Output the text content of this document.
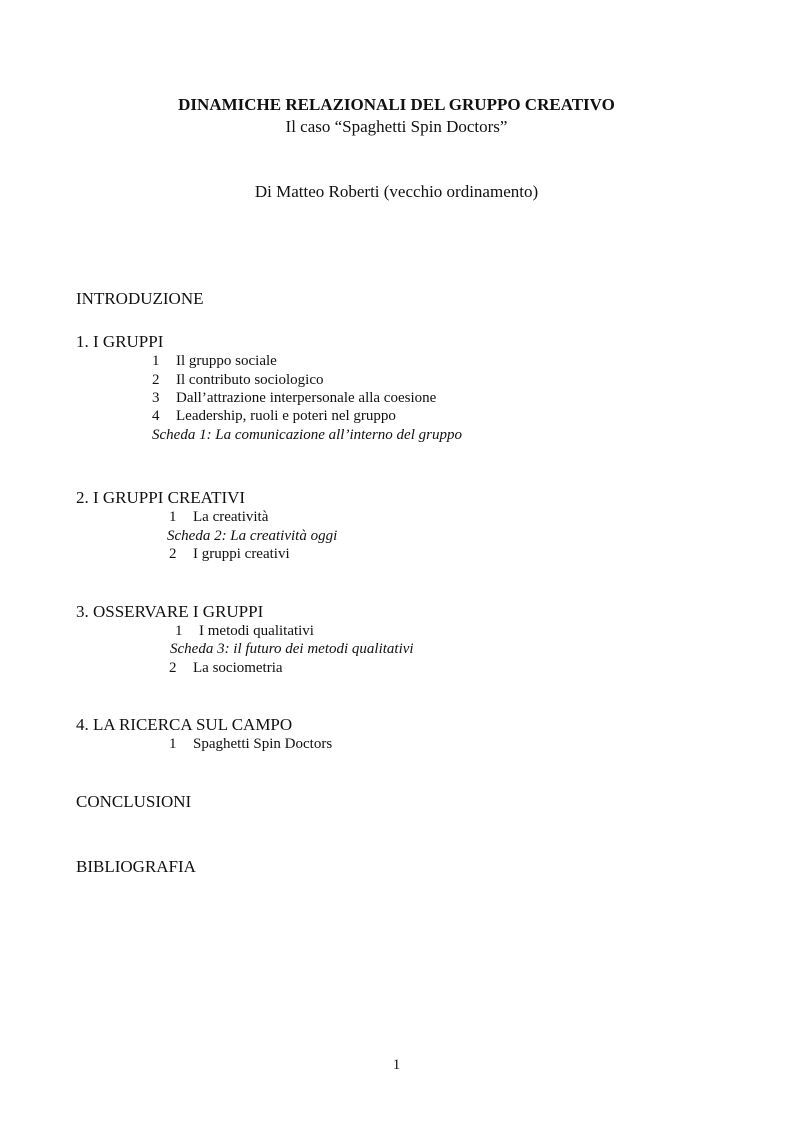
DINAMICHE RELAZIONALI DEL GRUPPO CREATIVO
Il caso “Spaghetti Spin Doctors”
Di Matteo Roberti (vecchio ordinamento)
INTRODUZIONE
1. I GRUPPI
1 Il gruppo sociale
2 Il contributo sociologico
3 Dall’attrazione interpersonale alla coesione
4 Leadership, ruoli e poteri nel gruppo
Scheda 1: La comunicazione all’interno del gruppo
2. I GRUPPI CREATIVI
1 La creatività
Scheda 2: La creatività oggi
2 I gruppi creativi
3. OSSERVARE I GRUPPI
1 I metodi qualitativi
Scheda 3: il futuro dei metodi qualitativi
2 La sociometria
4. LA RICERCA SUL CAMPO
1 Spaghetti Spin Doctors
CONCLUSIONI
BIBLIOGRAFIA
1
